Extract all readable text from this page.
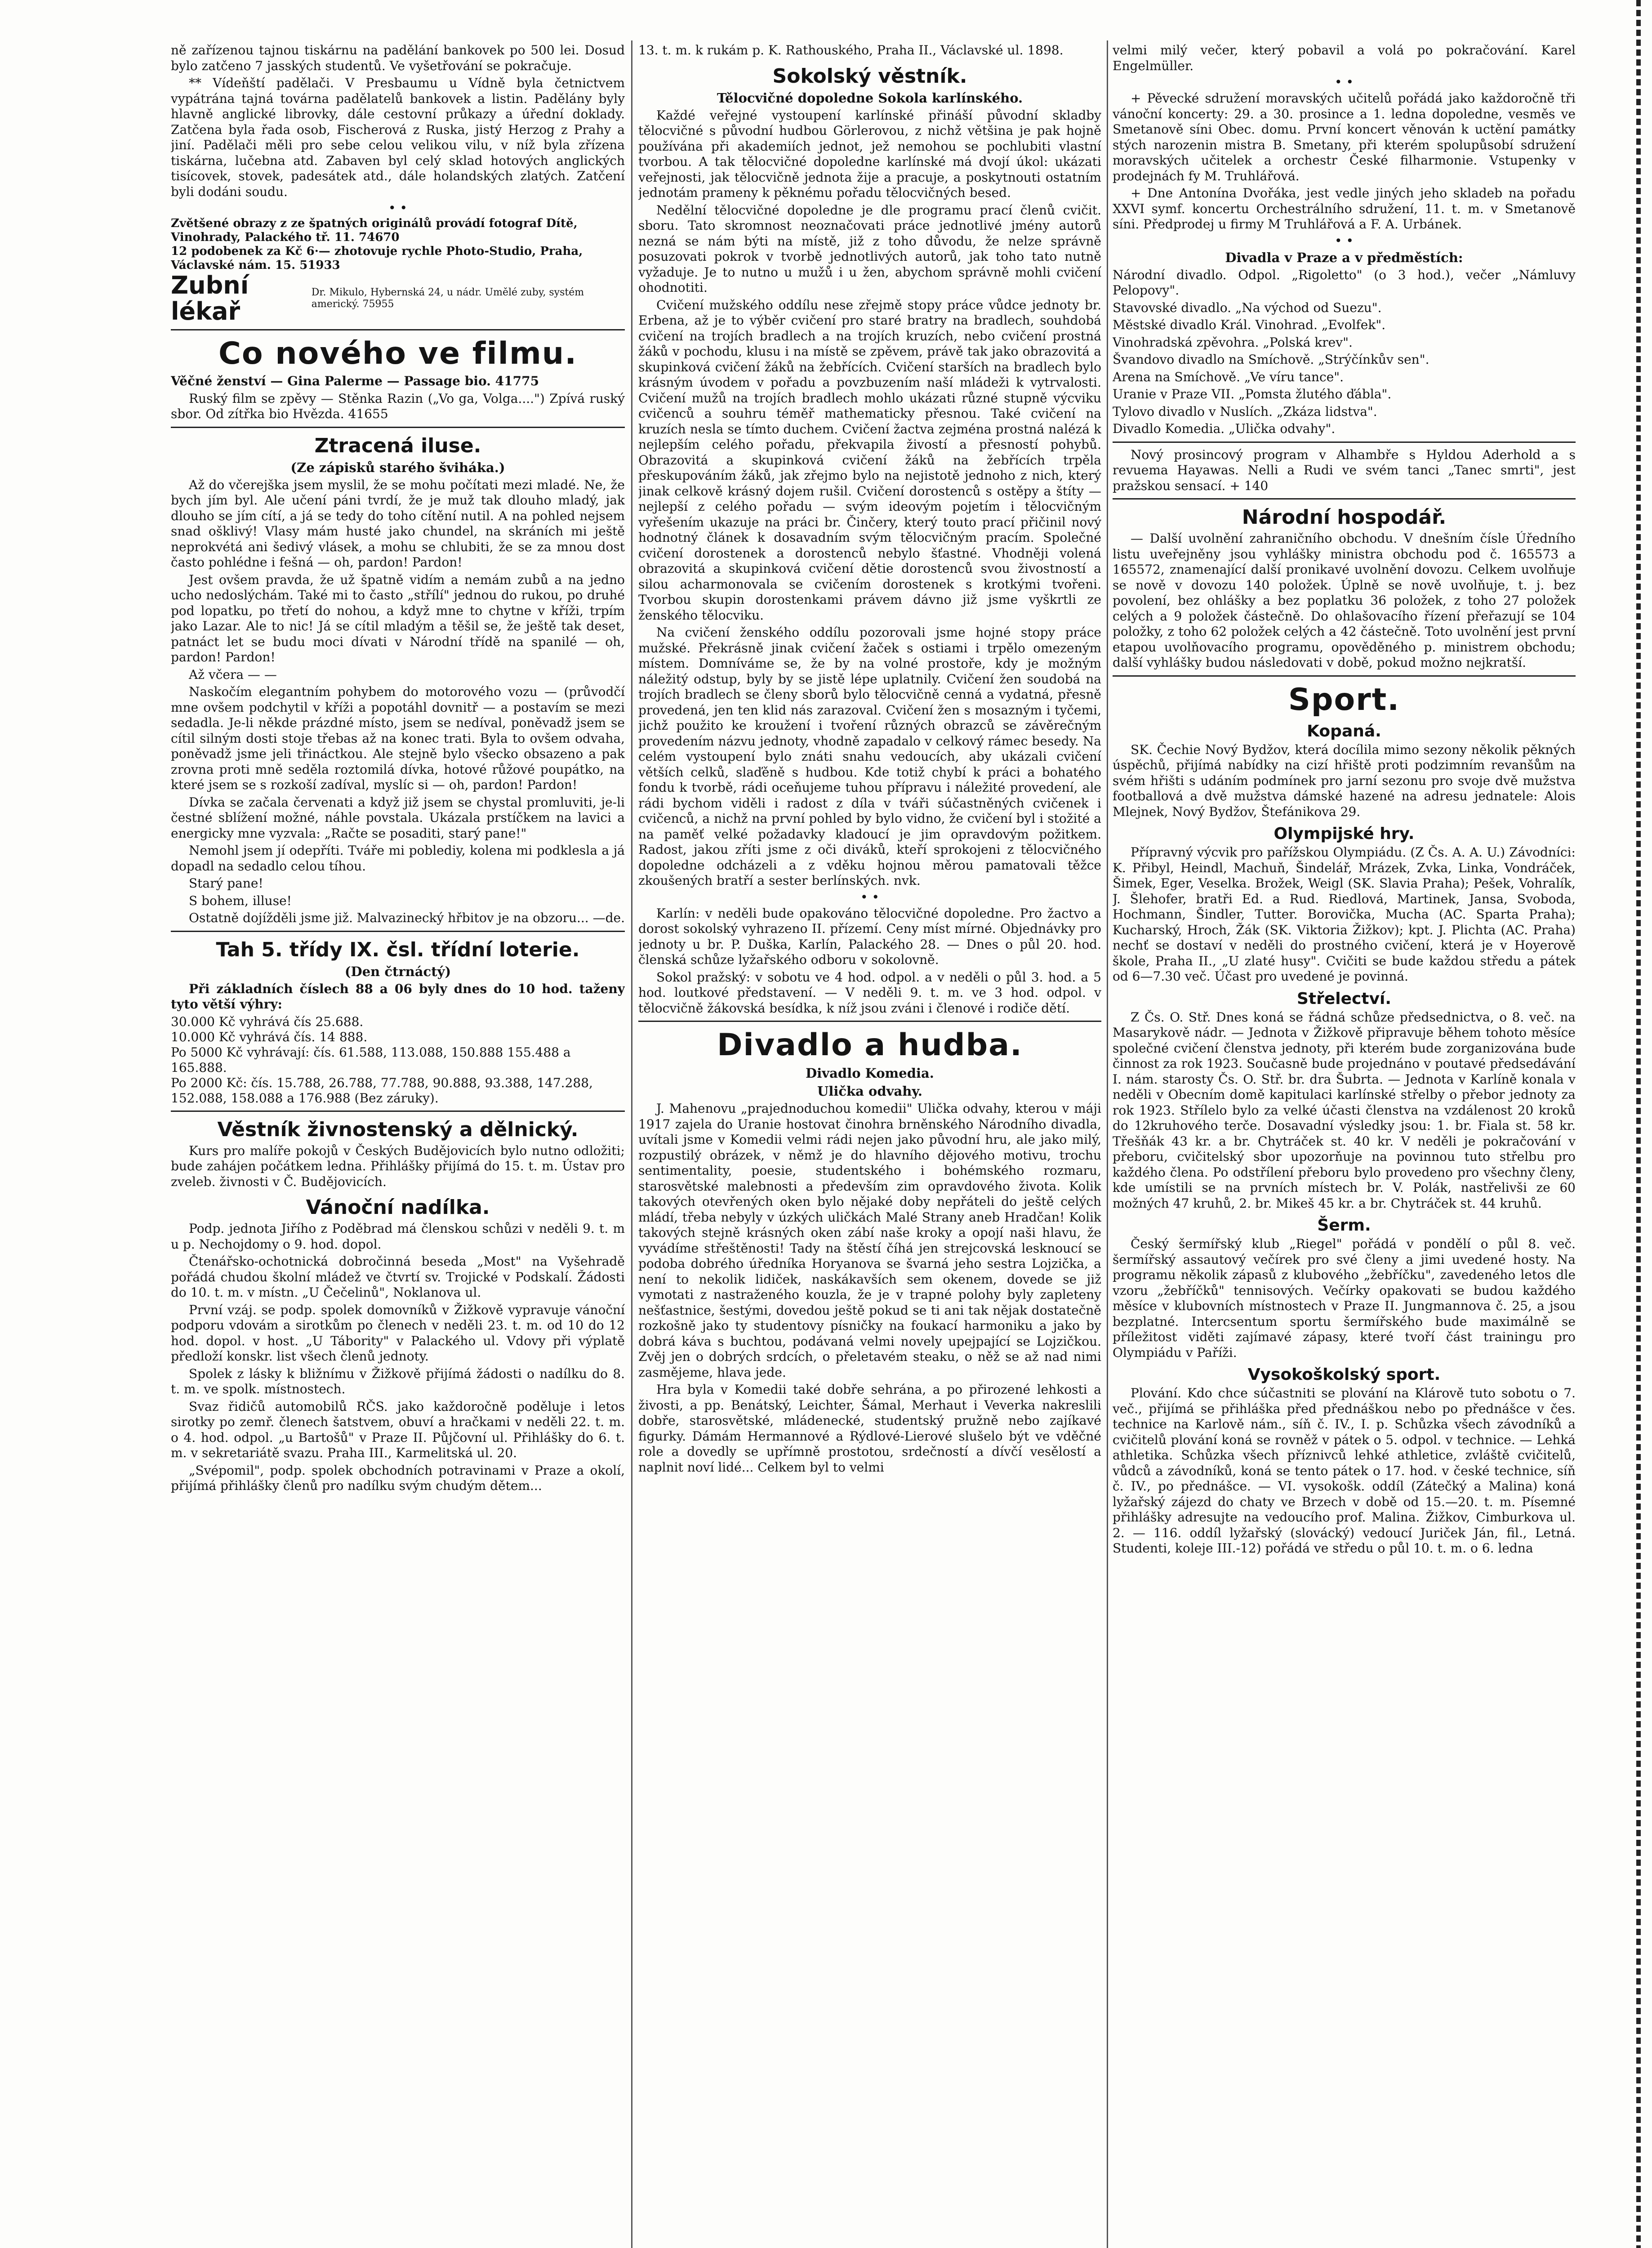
ně zařízenou tajnou tiskárnu na padělání bankovek po 500 lei. Dosud bylo zatčeno 7 jasských studentů. Ve vyšetřování se pokračuje.

** Vídeňští padělači. V Presbaumu u Vídně byla četnictvem vypátrána tajná továrna padělatelů bankovek a listin. Padělány byly hlavně anglické librovky, dále cestovní průkazy a úřední doklady. Zatčena byla řada osob, Fischerová z Ruska, jistý Herzog z Prahy a jiní. Padělači měli pro sebe celou velikou vilu, v níž byla zřízena tiskárna, lučebna atd. Zabaven byl celý sklad hotových anglických tisícovek, stovek, padesátek atd., dále holandských zlatých. Zatčení byli dodáni soudu.

• •
Zvětšené obrazy z ze špatných originálů provádí fotograf Dítě, Vinohrady, Palackého tř. 11. 74670
12 podobenek za Kč 6·— zhotovuje rychle Photo-Studio, Praha, Václavské nám. 15. 51933
Zubní lékař
Dr. Mikulo, Hybernská 24, u nádr. Umělé zuby, systém americký. 75955
Co nového ve filmu.

Věčné ženství — Gina Palerme — Passage bio. 41775

Ruský film se zpěvy — Stěnka Razin („Vo ga, Volga....") Zpívá ruský sbor. Od zítřka bio Hvězda. 41655

Ztracená iluse.
(Ze zápisků starého šviháka.)

Až do včerejška jsem myslil, že se mohu počítati mezi mladé. Ne, že bych jím byl. Ale učení páni tvrdí, že je muž tak dlouho mladý, jak dlouho se jím cítí, a já se tedy do toho cítění nutil. A na pohled nejsem snad ošklivý! Vlasy mám husté jako chundel, na skráních mi ještě neprokvétá ani šedivý vlásek, a mohu se chlubiti, že se za mnou dost často pohlédne i fešná — oh, pardon! Pardon!

Jest ovšem pravda, že už špatně vidím a nemám zubů a na jedno ucho nedoslýchám. Také mi to často „střílí" jednou do rukou, po druhé pod lopatku, po třetí do nohou, a když mne to chytne v kříži, trpím jako Lazar. Ale to nic! Já se cítil mladým a těšil se, že ještě tak deset, patnáct let se budu moci dívati v Národní třídě na spanilé — oh, pardon! Pardon!

Až včera — —

Naskočím elegantním pohybem do motorového vozu — (průvodčí mne ovšem podchytil v kříži a popotáhl dovnitř — a postavím se mezi sedadla. Je-li někde prázdné místo, jsem se nedíval, poněvadž jsem se cítil silným dosti stoje třebas až na konec trati. Byla to ovšem odvaha, poněvadž jsme jeli třináctkou. Ale stejně bylo všecko obsazeno a pak zrovna proti mně seděla roztomilá dívka, hotové růžové poupátko, na které jsem se s rozkoší zadíval, myslíc si — oh, pardon! Pardon!

Dívka se začala červenati a když již jsem se chystal promluviti, je-li čestné sblížení možné, náhle povstala. Ukázala prstíčkem na lavici a energicky mne vyzvala: „Račte se posaditi, starý pane!"

Nemohl jsem jí odepříti. Tváře mi poblediy, kolena mi podklesla a já dopadl na sedadlo celou tíhou.

Starý pane!

S bohem, illuse!

Ostatně dojížděli jsme již. Malvazinecký hřbitov je na obzoru... —de.

Tah 5. třídy IX. čsl. třídní loterie.
(Den čtrnáctý)

Při základních číslech 88 a 06 byly dnes do 10 hod. taženy tyto větší výhry:

30.000 Kč vyhrává čís 25.688.
10.000 Kč vyhrává čís. 14 888.
Po 5000 Kč vyhrávají: čís. 61.588, 113.088, 150.888 155.488 a 165.888.
Po 2000 Kč: čís. 15.788, 26.788, 77.788, 90.888, 93.388, 147.288, 152.088, 158.088 a 176.988 (Bez záruky).
Věstník živnostenský a dělnický.

Kurs pro malíře pokojů v Českých Budějovicích bylo nutno odložiti; bude zahájen počátkem ledna. Přihlášky přijímá do 15. t. m. Ústav pro zveleb. živnosti v Č. Budějovicích.

Vánoční nadílka.

Podp. jednota Jiřího z Poděbrad má členskou schůzi v neděli 9. t. m u p. Nechojdomy o 9. hod. dopol.

Čtenářsko-ochotnická dobročinná beseda „Most" na Vyšehradě pořádá chudou školní mládež ve čtvrtí sv. Trojické v Podskalí. Žádosti do 10. t. m. v místn. „U Čečelinů", Noklanova ul.

První vzáj. se podp. spolek domovníků v Žižkově vypravuje vánoční podporu vdovám a sirotkům po členech v neděli 23. t. m. od 10 do 12 hod. dopol. v host. „U Tábority" v Palackého ul. Vdovy při výplatě předloží konskr. list všech členů jednoty.

Spolek z lásky k bližnímu v Žižkově přijímá žádosti o nadílku do 8. t. m. ve spolk. místnostech.

Svaz řidičů automobilů RČS. jako každoročně poděluje i letos sirotky po zemř. členech šatstvem, obuví a hračkami v neděli 22. t. m. o 4. hod. odpol. „u Bartošů" v Praze II. Půjčovní ul. Přihlášky do 6. t. m. v sekretariátě svazu. Praha III., Karmelitská ul. 20.

„Svépomil", podp. spolek obchodních potravinami v Praze a okolí, přijímá přihlášky členů pro nadílku svým chudým dětem...

13. t. m. k rukám p. K. Rathouského, Praha II., Václavské ul. 1898.

Sokolský věstník.
Tělocvičné dopoledne Sokola karlínského.

Každé veřejné vystoupení karlínské přináší původní skladby tělocvičné s původní hudbou Görlerovou, z nichž většina je pak hojně používána při akademiích jednot, jež nemohou se pochlubiti vlastní tvorbou. A tak tělocvičné dopoledne karlínské má dvojí úkol: ukázati veřejnosti, jak tělocvičně jednota žije a pracuje, a poskytnouti ostatním jednotám prameny k pěknému pořadu tělocvičných besed.

Nedělní tělocvičné dopoledne je dle programu prací členů cvičit. sboru. Tato skromnost neoznačovati práce jednotlivé jmény autorů nezná se nám býti na místě, již z toho důvodu, že nelze správně posuzovati pokrok v tvorbě jednotlivých autorů, jak toho tato nutně vyžaduje. Je to nutno u mužů i u žen, abychom správně mohli cvičení ohodnotiti.

Cvičení mužského oddílu nese zřejmě stopy práce vůdce jednoty br. Erbena, až je to výběr cvičení pro staré bratry na bradlech, souhdobá cvičení na trojích bradlech a na trojích kruzích, nebo cvičení prostná žáků v pochodu, klusu i na místě se zpěvem, právě tak jako obrazovitá a skupinková cvičení žáků na žebřících. Cvičení starších na bradlech bylo krásným úvodem v pořadu a povzbuzením naší mládeži k vytrvalosti. Cvičení mužů na trojích bradlech mohlo ukázati různé stupně výcviku cvičenců a souhru téměř mathematicky přesnou. Také cvičení na kruzích nesla se tímto duchem. Cvičení žactva zejména prostná nalézá k nejlepším celého pořadu, překvapila živostí a přesností pohybů. Obrazovitá a skupinková cvičení žáků na žebřících trpěla přeskupováním žáků, jak zřejmo bylo na nejistotě jednoho z nich, který jinak celkově krásný dojem rušil. Cvičení dorostenců s ostěpy a štíty — nejlepší z celého pořadu — svým ideovým pojetím i tělocvičným vyřešením ukazuje na práci br. Činčery, který touto prací přičinil nový hodnotný článek k dosavadním svým tělocvičným pracím. Společné cvičení dorostenek a dorostenců nebylo šťastné. Vhodněji volená obrazovitá a skupinková cvičení dětie dorostenců svou živostností a silou acharmonovala se cvičením dorostenek s krotkými tvořeni. Tvorbou skupin dorostenkami právem dávno již jsme vyškrtli ze ženského tělocviku.

Na cvičení ženského oddílu pozorovali jsme hojné stopy práce mužské. Překrásně jinak cvičení žaček s ostiami i trpělo omezeným místem. Domníváme se, že by na volné prostoře, kdy je možným náležitý odstup, byly by se jistě lépe uplatnily. Cvičení žen soudobá na trojích bradlech se členy sborů bylo tělocvičně cenná a vydatná, přesně provedená, jen ten klid nás zarazoval. Cvičení žen s mosazným i tyčemi, jichž použito ke kroužení i tvoření různých obrazců se závěrečným provedením názvu jednoty, vhodně zapadalo v celkový rámec besedy. Na celém vystoupení bylo znáti snahu vedoucích, aby ukázali cvičení větších celků, slaďěně s hudbou. Kde totiž chybí k práci a bohatého fondu k tvorbě, rádi oceňujeme tuhou přípravu i náležité provedení, ale rádi bychom viděli i radost z díla v tváři súčastněných cvičenek i cvičenců, a nichž na první pohled by bylo vidno, že cvičení byl i stožité a na paměť velké požadavky kladoucí je jim opravdovým požitkem. Radost, jakou zříti jsme z oči diváků, kteří sprokojeni z tělocvičného dopoledne odcházeli a z vděku hojnou měrou pamatovali těžce zkoušených bratří a sester berlínských. nvk.

• •

Karlín: v neděli bude opakováno tělocvičné dopoledne. Pro žactvo a dorost sokolský vyhrazeno II. přízemí. Ceny míst mírné. Objednávky pro jednoty u br. P. Duška, Karlín, Palackého 28. — Dnes o půl 20. hod. členská schůze lyžařského odboru v sokolovně.

Sokol pražský: v sobotu ve 4 hod. odpol. a v neděli o půl 3. hod. a 5 hod. loutkové představení. — V neděli 9. t. m. ve 3 hod. odpol. v tělocvičně žákovská besídka, k níž jsou zváni i členové i rodiče dětí.

Divadlo a hudba.
Divadlo Komedia.
Ulička odvahy.

J. Mahenovu „prajednoduchou komedii" Ulička odvahy, kterou v máji 1917 zajela do Uranie hostovat činohra brněnského Národního divadla, uvítali jsme v Komedii velmi rádi nejen jako původní hru, ale jako milý, rozpustilý obrázek, v němž je do hlavního dějového motivu, trochu sentimentality, poesie, studentského i bohémského rozmaru, starosvětské malebnosti a především zim opravdového života. Kolik takových otevřených oken bylo nějaké doby nepřáteli do ještě celých mládí, třeba nebyly v úzkých uličkách Malé Strany aneb Hradčan! Kolik takových stejně krásných oken zábí naše kroky a opojí naši hlavu, že vyvádíme střeštěnosti! Tady na štěstí číhá jen strejcovská lesknoucí se podoba dobrého úředníka Horyanova se švarná jeho sestra Lojzička, a není to nekolik lidiček, naskákavších sem okenem, dovede se již vymotati z nastraženého kouzla, že je v trapné polohy byly zapleteny nešťastnice, šestými, dovedou ještě pokud se ti ani tak nějak dostatečně rozkošně jako ty studentovy písničky na foukací harmoniku a jako by dobrá káva s buchtou, podávaná velmi novely upejpající se Lojzičkou. Zvěj jen o dobrých srdcích, o přeletavém steaku, o něž se až nad nimi zasmějeme, hlava jede.

Hra byla v Komedii také dobře sehrána, a po přirozené lehkosti a živosti, a pp. Benátský, Leichter, Šámal, Merhaut i Veverka nakreslili dobře, starosvětské, mládenecké, studentský pružně nebo zajíkavé figurky. Dámám Hermannové a Rýdlové-Lierové slušelo být ve vděčné role a dovedly se upřímně prostotou, srdečností a dívčí vesělostí a naplnit noví lidé... Celkem byl to velmi

velmi milý večer, který pobavil a volá po pokračování. Karel Engelmüller.

• •

+ Pěvecké sdružení moravských učitelů pořádá jako každoročně tři vánoční koncerty: 29. a 30. prosince a 1. ledna dopoledne, vesměs ve Smetanově síni Obec. domu. První koncert věnován k uctění památky stých narozenin mistra B. Smetany, při kterém spolupůsobí sdružení moravských učitelek a orchestr České filharmonie. Vstupenky v prodejnách fy M. Truhlářová.

+ Dne Antonína Dvořáka, jest vedle jiných jeho skladeb na pořadu XXVI symf. koncertu Orchestrálního sdružení, 11. t. m. v Smetanově síni. Předprodej u firmy M Truhlářová a F. A. Urbánek.

• •
Divadla v Praze a v předměstích:

Národní divadlo. Odpol. „Rigoletto" (o 3 hod.), večer „Námluvy Pelopovy".

Stavovské divadlo. „Na východ od Suezu".

Městské divadlo Král. Vinohrad. „Evolfek".

Vinohradská zpěvohra. „Polská krev".

Švandovo divadlo na Smíchově. „Strýčínkův sen".

Arena na Smíchově. „Ve víru tance".

Uranie v Praze VII. „Pomsta žlutého ďábla".

Tylovo divadlo v Nuslích. „Zkáza lidstva".

Divadlo Komedia. „Ulička odvahy".

Nový prosincový program v Alhambře s Hyldou Aderhold a s revuema Hayawas. Nelli a Rudi ve svém tanci „Tanec smrti", jest pražskou sensací. + 140

Národní hospodář.

— Další uvolnění zahraničního obchodu. V dnešním čísle Úředního listu uveřejněny jsou vyhlášky ministra obchodu pod č. 165573 a 165572, znamenající další pronikavé uvolnění dovozu. Celkem uvolňuje se nově v dovozu 140 položek. Úplně se nově uvolňuje, t. j. bez povolení, bez ohlášky a bez poplatku 36 položek, z toho 27 položek celých a 9 položek částečně. Do ohlašovacího řízení přeřazují se 104 položky, z toho 62 položek celých a 42 částečně. Toto uvolnění jest první etapou uvolňovacího programu, opověděného p. ministrem obchodu; další vyhlášky budou následovati v době, pokud možno nejkratší.

Sport.
Kopaná.

SK. Čechie Nový Bydžov, která docílila mimo sezony několik pěkných úspěchů, přijímá nabídky na cizí hřiště proti podzimním revanšům na svém hřišti s udáním podmínek pro jarní sezonu pro svoje dvě mužstva footballová a dvě mužstva dámské hazené na adresu jednatele: Alois Mlejnek, Nový Bydžov, Štefánikova 29.

Olympijské hry.

Přípravný výcvik pro pařížskou Olympiádu. (Z Čs. A. A. U.) Závodníci: K. Přibyl, Heindl, Machuň, Šindelář, Mrázek, Zvka, Linka, Vondráček, Šimek, Eger, Veselka. Brožek, Weigl (SK. Slavia Praha); Pešek, Vohralík, J. Šlehofer, bratři Ed. a Rud. Riedlová, Martinek, Jansa, Svoboda, Hochmann, Šindler, Tutter. Borovička, Mucha (AC. Sparta Praha); Kucharský, Hroch, Žák (SK. Viktoria Žižkov); kpt. J. Plichta (AC. Praha) nechť se dostaví v neděli do prostného cvičení, která je v Hoyerově škole, Praha II., „U zlaté husy". Cvičiti se bude každou středu a pátek od 6—7.30 več. Účast pro uvedené je povinná.

Střelectví.

Z Čs. O. Stř. Dnes koná se řádná schůze předsednictva, o 8. več. na Masarykově nádr. — Jednota v Žižkově připravuje během tohoto měsíce společné cvičení členstva jednoty, při kterém bude zorganizována bude činnost za rok 1923. Současně bude projednáno v poutavé předsedávání I. nám. starosty Čs. O. Stř. br. dra Šubrta. — Jednota v Karlíně konala v neděli v Obecním domě kapitulaci karlínské střelby o přebor jednoty za rok 1923. Střílelo bylo za velké účasti členstva na vzdálenost 20 kroků do 12kruhového terče. Dosavadní výsledky jsou: 1. br. Fiala st. 58 kr. Třešňák 43 kr. a br. Chytráček st. 40 kr. V neděli je pokračování v přeboru, cvičitelský sbor upozorňuje na povinnou tuto střelbu pro každého člena. Po odstřílení přeboru bylo provedeno pro všechny členy, kde umístili se na prvních místech br. V. Polák, nastřelivši ze 60 možných 47 kruhů, 2. br. Mikeš 45 kr. a br. Chytráček st. 44 kruhů.

Šerm.

Český šermířský klub „Riegel" pořádá v pondělí o půl 8. več. šermířský assautový večírek pro své členy a jimi uvedené hosty. Na programu několik zápasů z klubového „žebříčku", zavedeného letos dle vzoru „žebříčků" tennisových. Večírky opakovati se budou každého měsíce v klubovních místnostech v Praze II. Jungmannova č. 25, a jsou bezplatné. Intercsentum sportu šermířského bude maximálně se příležitost viděti zajímavé zápasy, které tvoří část trainingu pro Olympiádu v Paříži.

Vysokoškolský sport.

Plování. Kdo chce súčastniti se plování na Klárově tuto sobotu o 7. več., přijímá se přihláška před přednáškou nebo po přednášce v čes. technice na Karlově nám., síň č. IV., I. p. Schůzka všech závodníků a cvičitelů plování koná se rovněž v pátek o 5. odpol. v technice. — Lehká athletika. Schůzka všech příznivců lehké athletice, zvláště cvičitelů, vůdců a závodníků, koná se tento pátek o 17. hod. v české technice, síň č. IV., po přednášce. — VI. vysokošk. oddíl (Zátečký a Malina) koná lyžařský zájezd do chaty ve Brzech v době od 15.—20. t. m. Písemné přihlášky adresujte na vedoucího prof. Malina. Žižkov, Cimburkova ul. 2. — 116. oddíl lyžařský (slovácký) vedoucí Juriček Ján, fil., Letná. Studenti, koleje III.-12) pořádá ve středu o půl 10. t. m. o 6. ledna
